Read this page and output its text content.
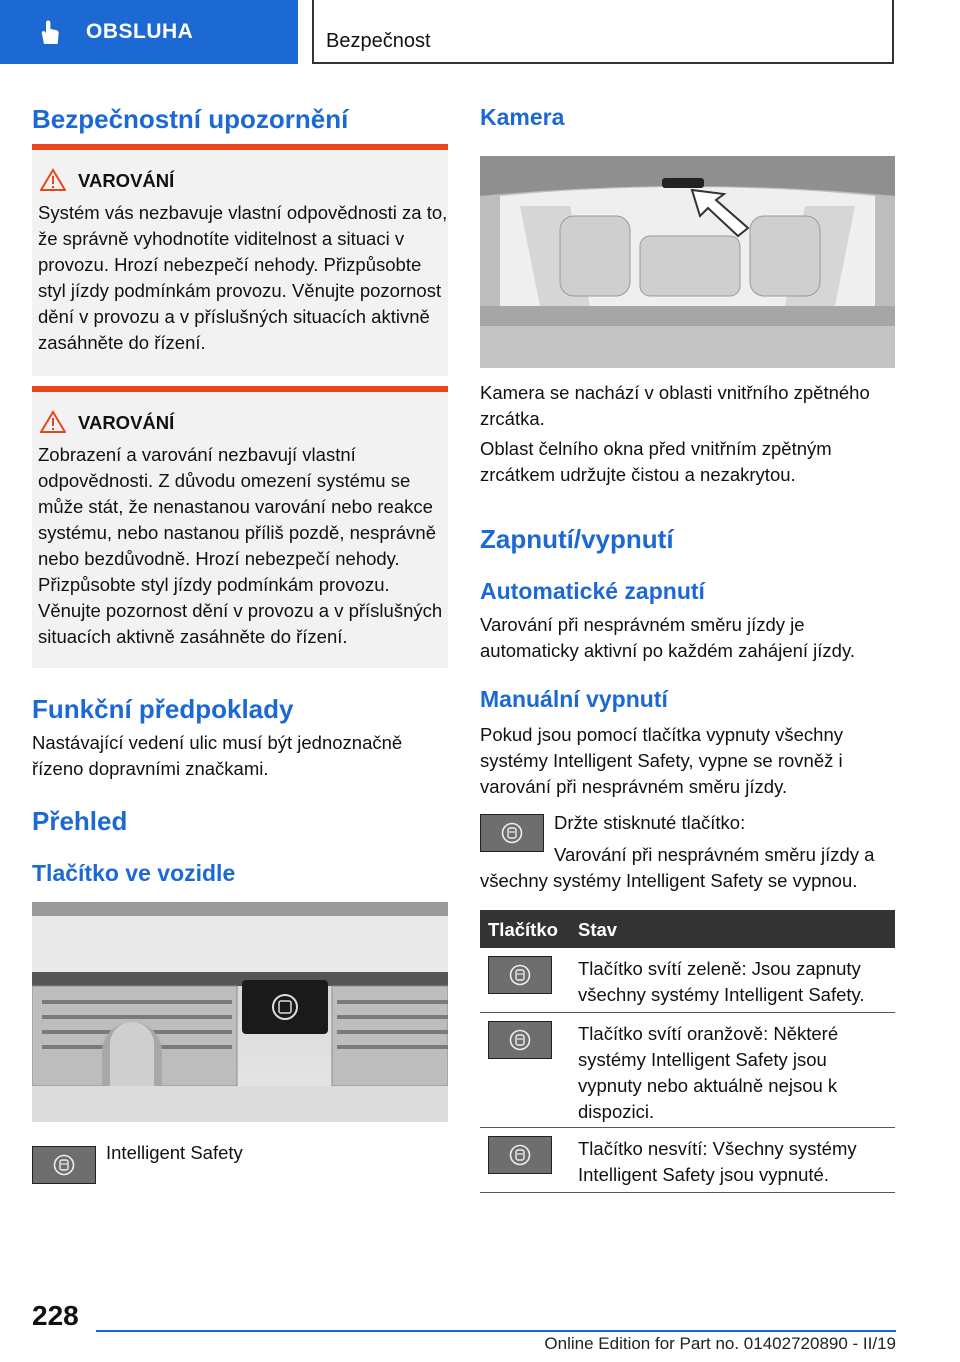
OBSLUHA	Bezpečnost
Bezpečnostní upozornění
VAROVÁNÍ
Systém vás nezbavuje vlastní odpovědnosti za to, že správně vyhodnotíte viditelnost a situaci v provozu. Hrozí nebezpečí nehody. Přizpůsobte styl jízdy podmínkám provozu. Věnujte pozornost dění v provozu a v příslušných situacích aktivně zasáhněte do řízení.
VAROVÁNÍ
Zobrazení a varování nezbavují vlastní odpovědnosti. Z důvodu omezení systému se může stát, že nenastanou varování nebo reakce systému, nebo nastanou příliš pozdě, nesprávně nebo bezdůvodně. Hrozí nebezpečí nehody. Přizpůsobte styl jízdy podmínkám provozu. Věnujte pozornost dění v provozu a v příslušných situacích aktivně zasáhněte do řízení.
Funkční předpoklady
Nastávající vedení ulic musí být jednoznačně řízeno dopravními značkami.
Přehled
Tlačítko ve vozidle
Intelligent Safety
Kamera
Kamera se nachází v oblasti vnitřního zpětného zrcátka.
Oblast čelního okna před vnitřním zpětným zrcátkem udržujte čistou a nezakrytou.
Zapnutí/vypnutí
Automatické zapnutí
Varování při nesprávném směru jízdy je automaticky aktivní po každém zahájení jízdy.
Manuální vypnutí
Pokud jsou pomocí tlačítka vypnuty všechny systémy Intelligent Safety, vypne se rovněž i varování při nesprávném směru jízdy.
Držte stisknuté tlačítko:
Varování při nesprávném směru jízdy a všechny systémy Intelligent Safety se vypnou.
Tlačítko Stav
Tlačítko svítí zeleně: Jsou zapnuty všechny systémy Intelligent Safety.
Tlačítko svítí oranžově: Některé systémy Intelligent Safety jsou vypnuty nebo aktuálně nejsou k dispozici.
Tlačítko nesvítí: Všechny systémy Intelligent Safety jsou vypnuté.
228
Online Edition for Part no. 01402720890 - II/19
